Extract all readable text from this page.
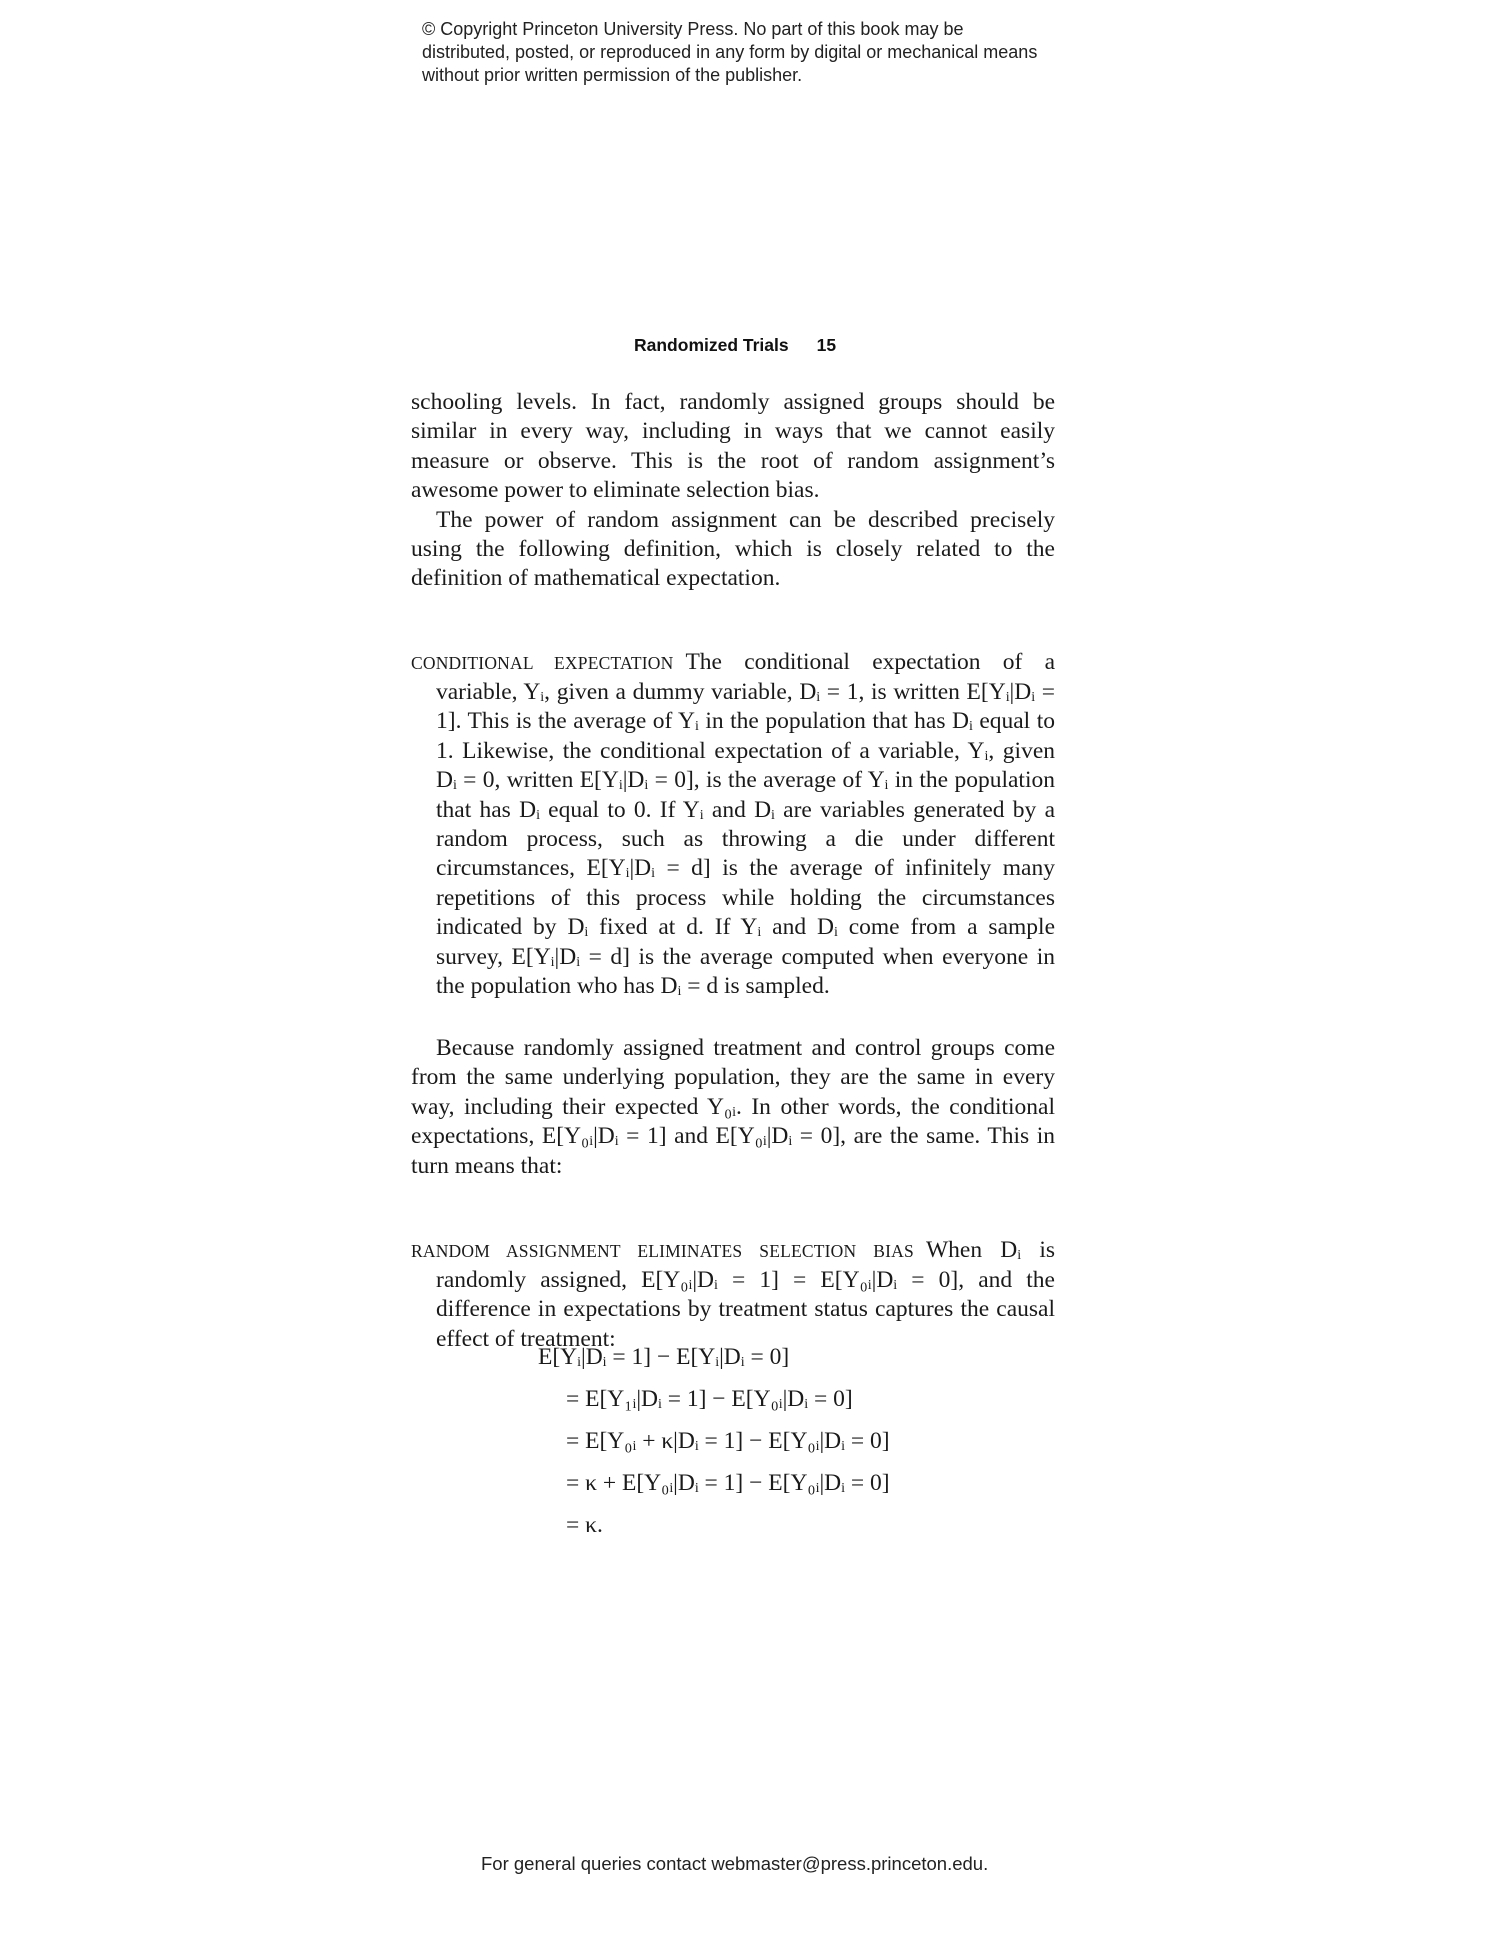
© Copyright Princeton University Press. No part of this book may be distributed, posted, or reproduced in any form by digital or mechanical means without prior written permission of the publisher.
Randomized Trials 15

schooling levels. In fact, randomly assigned groups should be similar in every way, including in ways that we cannot easily measure or observe. This is the root of random assignment’s awesome power to eliminate selection bias.

The power of random assignment can be described precisely using the following definition, which is closely related to the definition of mathematical expectation.

CONDITIONAL EXPECTATION The conditional expectation of a variable, Yᵢ, given a dummy variable, Dᵢ = 1, is written E[Yᵢ|Dᵢ = 1]. This is the average of Yᵢ in the population that has Dᵢ equal to 1. Likewise, the conditional expectation of a variable, Yᵢ, given Dᵢ = 0, written E[Yᵢ|Dᵢ = 0], is the average of Yᵢ in the population that has Dᵢ equal to 0. If Yᵢ and Dᵢ are variables generated by a random process, such as throwing a die under different circumstances, E[Yᵢ|Dᵢ = d] is the average of infinitely many repetitions of this process while holding the circumstances indicated by Dᵢ fixed at d. If Yᵢ and Dᵢ come from a sample survey, E[Yᵢ|Dᵢ = d] is the average computed when everyone in the population who has Dᵢ = d is sampled.

Because randomly assigned treatment and control groups come from the same underlying population, they are the same in every way, including their expected Y₀ᵢ. In other words, the conditional expectations, E[Y₀ᵢ|Dᵢ = 1] and E[Y₀ᵢ|Dᵢ = 0], are the same. This in turn means that:

RANDOM ASSIGNMENT ELIMINATES SELECTION BIAS When Dᵢ is randomly assigned, E[Y₀ᵢ|Dᵢ = 1] = E[Y₀ᵢ|Dᵢ = 0], and the difference in expectations by treatment status captures the causal effect of treatment:

E[Yᵢ|Dᵢ = 1] − E[Yᵢ|Dᵢ = 0]
= E[Y₁ᵢ|Dᵢ = 1] − E[Y₀ᵢ|Dᵢ = 0]
= E[Y₀ᵢ + κ|Dᵢ = 1] − E[Y₀ᵢ|Dᵢ = 0]
= κ + E[Y₀ᵢ|Dᵢ = 1] − E[Y₀ᵢ|Dᵢ = 0]
= κ.
For general queries contact webmaster@press.princeton.edu.
